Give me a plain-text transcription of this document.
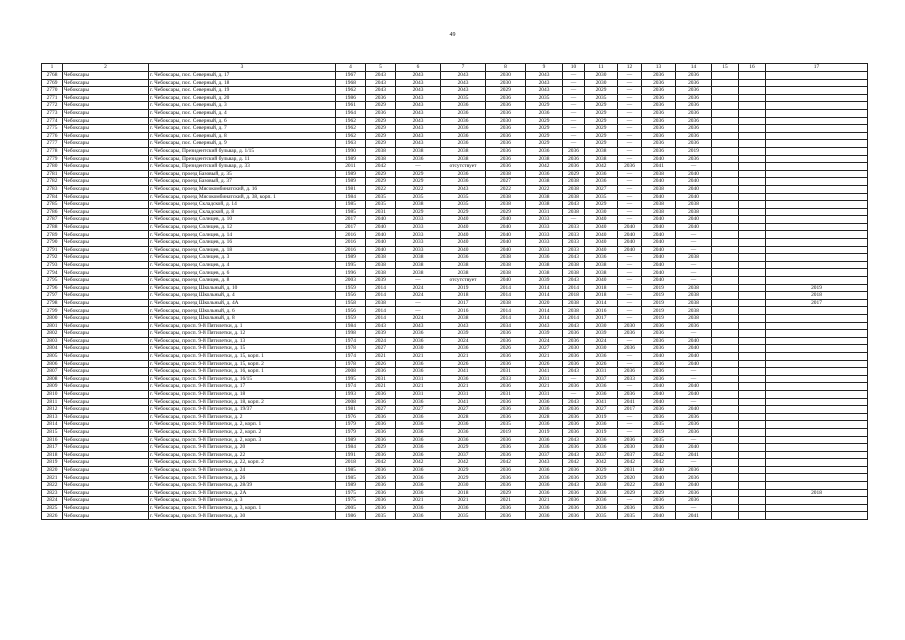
49
1	2	3	4	5	6	7	8	9	10	11	12	13	14	15	16	17
2768	Чебоксары	г. Чебоксары, пос. Северный, д. 17	1967	2043	2043	2043	2030	2043	—	2030	—	2036	2036			
2769	Чебоксары	г. Чебоксары, пос. Северный, д. 18	1968	2043	2043	2043	2030	2043	—	2030	—	2036	2036			
2770	Чебоксары	г. Чебоксары, пос. Северный, д. 19	1962	2043	2043	2043	2029	2043	—	2029	—	2036	2036			
2771	Чебоксары	г. Чебоксары, пос. Северный, д. 20	1986	2036	2043	2035	2036	2035	—	2035	—	2036	2036			
2772	Чебоксары	г. Чебоксары, пос. Северный, д. 3	1961	2029	2043	2036	2036	2029	—	2029	—	2036	2036			
2773	Чебоксары	г. Чебоксары, пос. Северный, д. 4	1964	2036	2043	2036	2036	2036	—	2029	—	2036	2036			
2774	Чебоксары	г. Чебоксары, пос. Северный, д. 6	1962	2029	2043	2036	2030	2029	—	2029	—	2036	2036			
2775	Чебоксары	г. Чебоксары, пос. Северный, д. 7	1962	2029	2043	2036	2036	2029	—	2029	—	2036	2036			
2776	Чебоксары	г. Чебоксары, пос. Северный, д. 8	1962	2029	2043	2036	2036	2029	—	2029	—	2036	2036			
2777	Чебоксары	г. Чебоксары, пос. Северный, д. 9	1963	2029	2043	2036	2036	2029	—	2029	—	2036	2036			
2778	Чебоксары	г. Чебоксары, Президентский бульвар, д. 1/15	1990	2038	2038	2038	2036	2036	2036	2038	—	2036	2019			
2779	Чебоксары	г. Чебоксары, Президентский бульвар, д. 11	1989	2038	2036	2038	2036	2038	2036	2038	—	2040	2036			
2780	Чебоксары	г. Чебоксары, Президентский бульвар, д. 33	2011	2042	—	отсутствует	2036	2042	2036	2042	2036	2041	—			
2781	Чебоксары	г. Чебоксары, проезд Базовый, д. 35	1989	2029	2029	2036	2038	2036	2029	2036	—	2038	2040			
2782	Чебоксары	г. Чебоксары, проезд Базовый, д. 37	1989	2029	2029	2036	2027	2038	2038	2036	—	2040	2040			
2783	Чебоксары	г. Чебоксары, проезд Мясокомбинатский, д. 16	1981	2022	2022	2043	2022	2022	2038	2027	—	2038	2040			
2784	Чебоксары	г. Чебоксары, проезд Мясокомбинатский, д. 38, корп. 1	1984	2035	2035	2035	2038	2038	2038	2035	—	2040	2040			
2785	Чебоксары	г. Чебоксары, проезд Складской, д. 14	1985	2035	2038	2035	2038	2038	2043	2029	—	2038	2038			
2786	Чебоксары	г. Чебоксары, проезд Складской, д. 8	1985	2031	2029	2029	2029	2031	2038	2030	—	2038	2038			
2787	Чебоксары	г. Чебоксары, проезд Солнцев, д. 10	2017	2040	2033	2040	2040	2033	—	2040	—	2040	2040			
2788	Чебоксары	г. Чебоксары, проезд Солнцев, д. 12	2017	2040	2033	2040	2040	2033	2033	2040	2040	2040	2040			
2789	Чебоксары	г. Чебоксары, проезд Солнцев, д. 14	2016	2040	2033	2040	2040	2033	2033	2040	2040	2040	—			
2790	Чебоксары	г. Чебоксары, проезд Солнцев, д. 16	2016	2040	2033	2040	2040	2033	2033	2040	2040	2040	—			
2791	Чебоксары	г. Чебоксары, проезд Солнцев, д. 18	2016	2040	2033	2040	2040	2033	2033	2040	2040	2040	—			
2792	Чебоксары	г. Чебоксары, проезд Солнцев, д. 3	1989	2038	2038	2036	2038	2036	2043	2036	—	2040	2038			
2793	Чебоксары	г. Чебоксары, проезд Солнцев, д. 4	1995	2038	2038	2038	2038	2038	2038	2038	—	2040	—			
2794	Чебоксары	г. Чебоксары, проезд Солнцев, д. 6	1996	2038	2038	2038	2038	2038	2038	2038	—	2040	—			
2795	Чебоксары	г. Чебоксары, проезд Солнцев, д. 8	2003	2039	—	отсутствует	2040	2039	2043	2040	—	2040	—			
2796	Чебоксары	г. Чебоксары, проезд Школьный, д. 10	1959	2014	2024	2019	2014	2014	2014	2018	—	2019	2038			2019
2797	Чебоксары	г. Чебоксары, проезд Школьный, д. 4	1956	2014	2024	2018	2014	2014	2018	2018	—	2019	2038			2018
2798	Чебоксары	г. Чебоксары, проезд Школьный, д. 4А	1958	2038	—	2017	2038	2020	2038	2014	—	2019	2038			2017
2799	Чебоксары	г. Чебоксары, проезд Школьный, д. 6	1956	2014	—	2016	2014	2014	2038	2016	—	2019	2038			
2800	Чебоксары	г. Чебоксары, проезд Школьный, д. 8	1959	2014	2024	2038	2014	2014	2014	2017	—	2019	2038			
2801	Чебоксары	г. Чебоксары, просп. 9-й Пятилетки, д. 1	1984	2043	2043	2043	2034	2043	2043	2030	2030	2036	2036			
2802	Чебоксары	г. Чебоксары, просп. 9-й Пятилетки, д. 12	1998	2039	2036	2039	2036	2039	2036	2039	2036	2036	—			
2803	Чебоксары	г. Чебоксары, просп. 9-й Пятилетки, д. 13	1974	2024	2036	2024	2036	2024	2036	2024	—	2036	2040			
2804	Чебоксары	г. Чебоксары, просп. 9-й Пятилетки, д. 15	1978	2027	2030	2036	2026	2027	2030	2030	2036	2036	2040			
2805	Чебоксары	г. Чебоксары, просп. 9-й Пятилетки, д. 15, корп. 1	1974	2021	2021	2021	2036	2021	2036	2036	—	2040	2040			
2806	Чебоксары	г. Чебоксары, просп. 9-й Пятилетки, д. 15, корп. 2	1978	2026	2036	2026	2036	2026	2036	2026	—	2036	2040			
2807	Чебоксары	г. Чебоксары, просп. 9-й Пятилетки, д. 16, корп. 1	2008	2036	2036	2041	2031	2041	2043	2031	2036	2036	—			
2808	Чебоксары	г. Чебоксары, просп. 9-й Пятилетки, д. 16/15	1995	2031	2031	2036	2033	2031	—	2037	2033	2036	—			
2809	Чебоксары	г. Чебоксары, просп. 9-й Пятилетки, д. 17	1974	2021	2021	2021	2036	2021	2036	2036	—	2040	2040			
2810	Чебоксары	г. Чебоксары, просп. 9-й Пятилетки, д. 18	1993	2036	2031	2031	2031	2031	—	2036	2036	2040	2040			
2811	Чебоксары	г. Чебоксары, просп. 9-й Пятилетки, д. 18, корп. 2	2008	2036	2036	2041	2036	2036	2043	2041	2041	2040	—			
2812	Чебоксары	г. Чебоксары, просп. 9-й Пятилетки, д. 19/37	1981	2027	2027	2027	2036	2036	2036	2027	2017	2036	2040			
2813	Чебоксары	г. Чебоксары, просп. 9-й Пятилетки, д. 2	1976	2036	2036	2028	2036	2028	2036	2019	—	2036	2036			
2814	Чебоксары	г. Чебоксары, просп. 9-й Пятилетки, д. 2, корп. 1	1979	2036	2036	2036	2035	2036	2036	2036	—	2035	2036			
2815	Чебоксары	г. Чебоксары, просп. 9-й Пятилетки, д. 2, корп. 2	1979	2036	2036	2036	2019	2019	2036	2019	—	2019	2036			
2816	Чебоксары	г. Чебоксары, просп. 9-й Пятилетки, д. 2, корп. 3	1989	2036	2036	2036	2036	2036	2043	2036	2036	2035	—			
2817	Чебоксары	г. Чебоксары, просп. 9-й Пятилетки, д. 20	1984	2029	2036	2029	2036	2036	2036	2036	2030	2040	2040			
2818	Чебоксары	г. Чебоксары, просп. 9-й Пятилетки, д. 22	1991	2036	2036	2037	2036	2037	2043	2037	2037	2042	2041			
2819	Чебоксары	г. Чебоксары, просп. 9-й Пятилетки, д. 22, корп. 2	2018	2042	2042	2042	2042	2043	2042	2042	2042	2042	—			
2820	Чебоксары	г. Чебоксары, просп. 9-й Пятилетки, д. 24	1985	2036	2036	2029	2036	2036	2036	2029	2031	2040	2036			
2821	Чебоксары	г. Чебоксары, просп. 9-й Пятилетки, д. 26	1985	2036	2036	2029	2036	2036	2036	2029	2020	2040	2036			
2822	Чебоксары	г. Чебоксары, просп. 9-й Пятилетки, д. 28/39	1989	2036	2036	2030	2036	2036	2043	2030	2022	2040	2040			
2823	Чебоксары	г. Чебоксары, просп. 9-й Пятилетки, д. 2А	1975	2036	2036	2018	2029	2036	2036	2036	2029	2029	2036			2018
2824	Чебоксары	г. Чебоксары, просп. 9-й Пятилетки, д. 3	1975	2036	2021	2021	2021	2021	2036	2036	—	2036	2036			
2825	Чебоксары	г. Чебоксары, просп. 9-й Пятилетки, д. 3, корп. 1	2005	2036	2036	2036	2036	2036	2036	2036	2036	2036	—			
2826	Чебоксары	г. Чебоксары, просп. 9-й Пятилетки, д. 30	1986	2035	2036	2035	2036	2036	2036	2035	2035	2040	2041			
